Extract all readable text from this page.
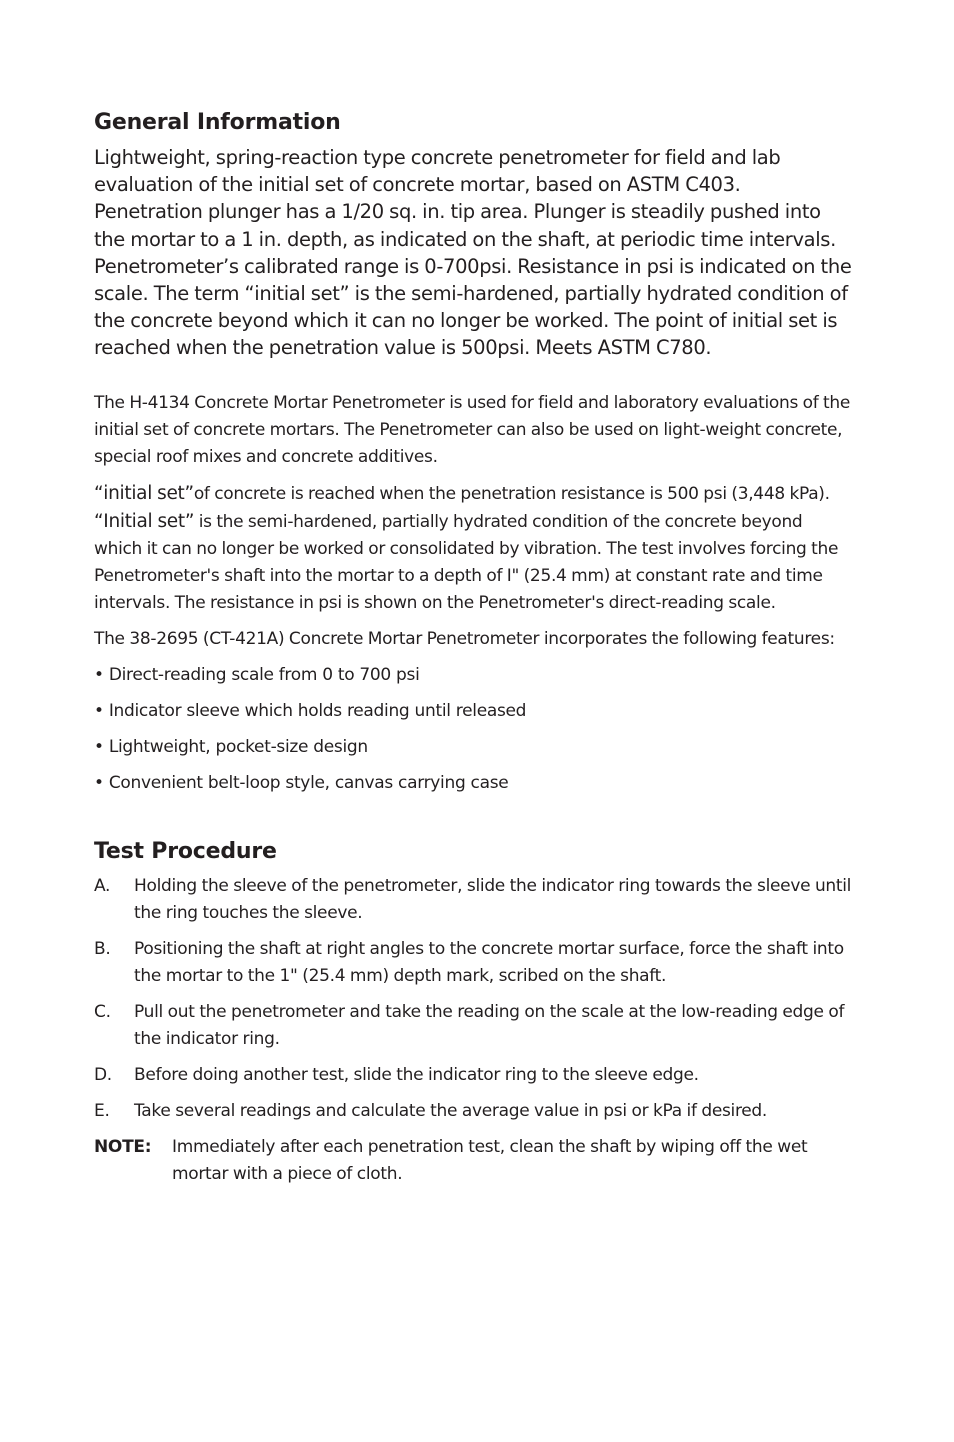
General Information

Lightweight, spring-reaction type concrete penetrometer for field and lab evaluation of the initial set of concrete mortar, based on ASTM C403. Penetration plunger has a 1/20 sq. in. tip area. Plunger is steadily pushed into the mortar to a 1 in. depth, as indicated on the shaft, at periodic time intervals. Penetrometer’s calibrated range is 0-700psi. Resistance in psi is indicated on the scale. The term “initial set” is the semi-hardened, partially hydrated condition of the concrete beyond which it can no longer be worked. The point of initial set is reached when the penetration value is 500psi. Meets ASTM C780.

The H-4134 Concrete Mortar Penetrometer is used for field and laboratory evaluations of the initial set of concrete mortars. The Penetrometer can also be used on light-weight concrete, special roof mixes and concrete additives.

“initial set”of concrete is reached when the penetration resistance is 500 psi (3,448 kPa). “Initial set” is the semi-hardened, partially hydrated condition of the concrete beyond which it can no longer be worked or consolidated by vibration. The test involves forcing the Penetrometer's shaft into the mortar to a depth of I" (25.4 mm) at constant rate and time intervals. The resistance in psi is shown on the Penetrometer's direct-reading scale.

The 38-2695 (CT-421A) Concrete Mortar Penetrometer incorporates the following features:

• Direct-reading scale from 0 to 700 psi
• Indicator sleeve which holds reading until released
• Lightweight, pocket-size design
• Convenient belt-loop style, canvas carrying case
Test Procedure
A. Holding the sleeve of the penetrometer, slide the indicator ring towards the sleeve until the ring touches the sleeve.
B. Positioning the shaft at right angles to the concrete mortar surface, force the shaft into the mortar to the 1" (25.4 mm) depth mark, scribed on the shaft.
C. Pull out the penetrometer and take the reading on the scale at the low-reading edge of the indicator ring.
D. Before doing another test, slide the indicator ring to the sleeve edge.
E. Take several readings and calculate the average value in psi or kPa if desired.
NOTE: Immediately after each penetration test, clean the shaft by wiping off the wet mortar with a piece of cloth.
